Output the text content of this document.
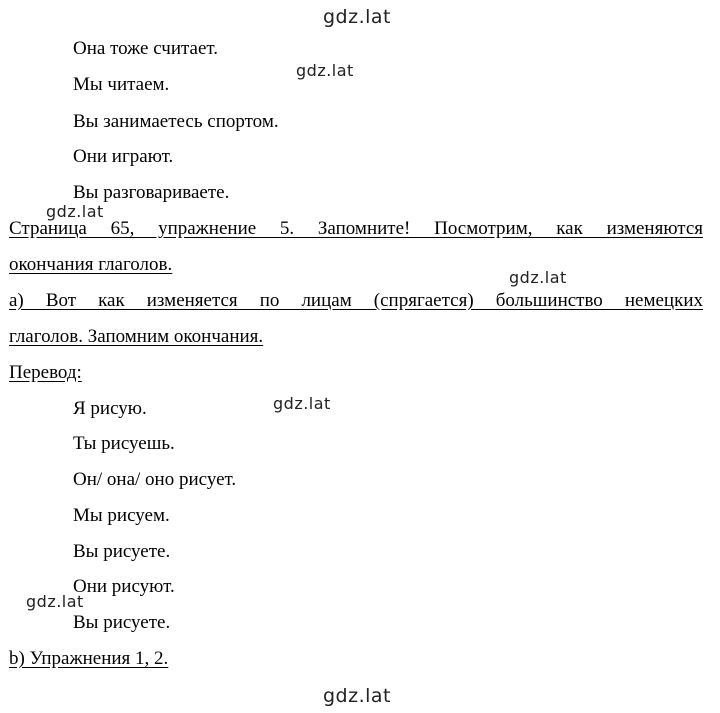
gdz.lat
gdz.lat
gdz.lat
gdz.lat
gdz.lat
gdz.lat
gdz.lat
Она тоже считает.
Мы читаем.
Вы занимаетесь спортом.
Они играют.
Вы разговариваете.
Страница 65, упражнение 5. Запомните! Посмотрим, как изменяются
окончания глаголов.
a) Вот как изменяется по лицам (спрягается) большинство немецких
глаголов. Запомним окончания.
Перевод:
Я рисую.
Ты рисуешь.
Он/ она/ оно рисует.
Мы рисуем.
Вы рисуете.
Они рисуют.
Вы рисуете.
b) Упражнения 1, 2.
